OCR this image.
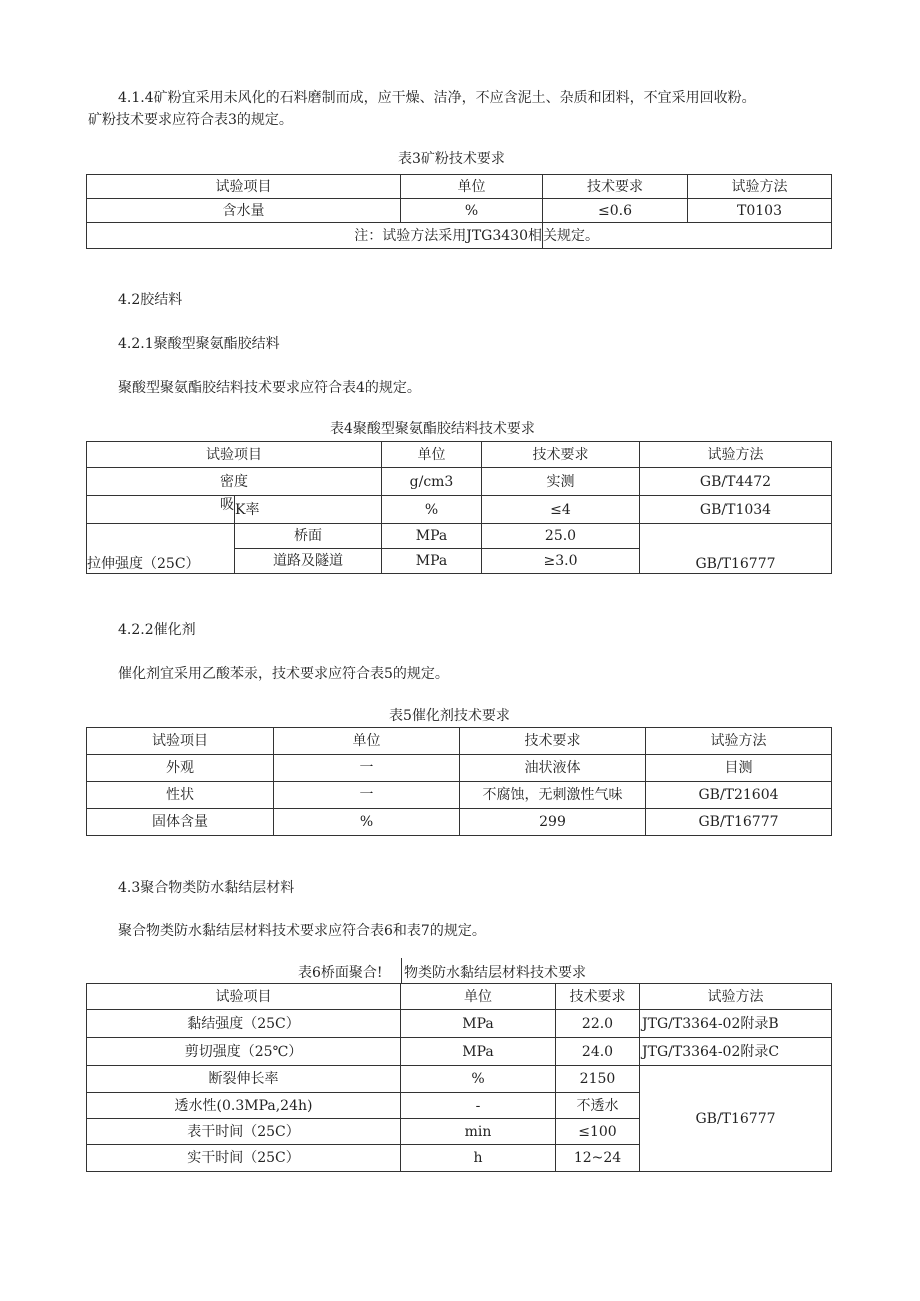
4.1.4矿粉宜采用未风化的石料磨制而成，应干燥、洁净，不应含泥土、杂质和团料，不宜采用回收粉。
矿粉技术要求应符合表3的规定。
表3矿粉技术要求
试验项目	单位	技术要求	试验方法
含水量	%	≤0.6	T0103
注：试验方法采用JTG3430相		关规定。	
4.2胶结料
4.2.1聚酸型聚氨酯胶结料
聚酸型聚氨酯胶结料技术要求应符合表4的规定。
表4聚酸型聚氨酯胶结料技术要求
试验项目		单位	技术要求	试验方法
密度		g/cm3	实测	GB/T4472
吸	K率	%	≤4	GB/T1034
拉伸强度（25C）	桥面	MPa	25.0	GB/T16777
	道路及隧道	MPa	≥3.0	
4.2.2催化剂
催化剂宜采用乙酸苯汞，技术要求应符合表5的规定。
表5催化剂技术要求
试验项目	单位	技术要求	试验方法
外观	一	油状液体	目测
性状	一	不腐蚀，无刺激性气味	GB/T21604
固体含量	%	299	GB/T16777
4.3聚合物类防水黏结层材料
聚合物类防水黏结层材料技术要求应符合表6和表7的规定。
表6桥面聚合! 物类防水黏结层材料技术要求
试验项目	单位	技术要求	试验方法
黏结强度（25C）	MPa	22.0	JTG/T3364-02附录B
剪切强度（25℃）	MPa	24.0	JTG/T3364-02附录C
断裂伸长率	%	2150	GB/T16777
透水性(0.3MPa,24h)	-	不透水	
表干时间（25C）	min	≤100	
实干时间（25C）	h	12~24	
